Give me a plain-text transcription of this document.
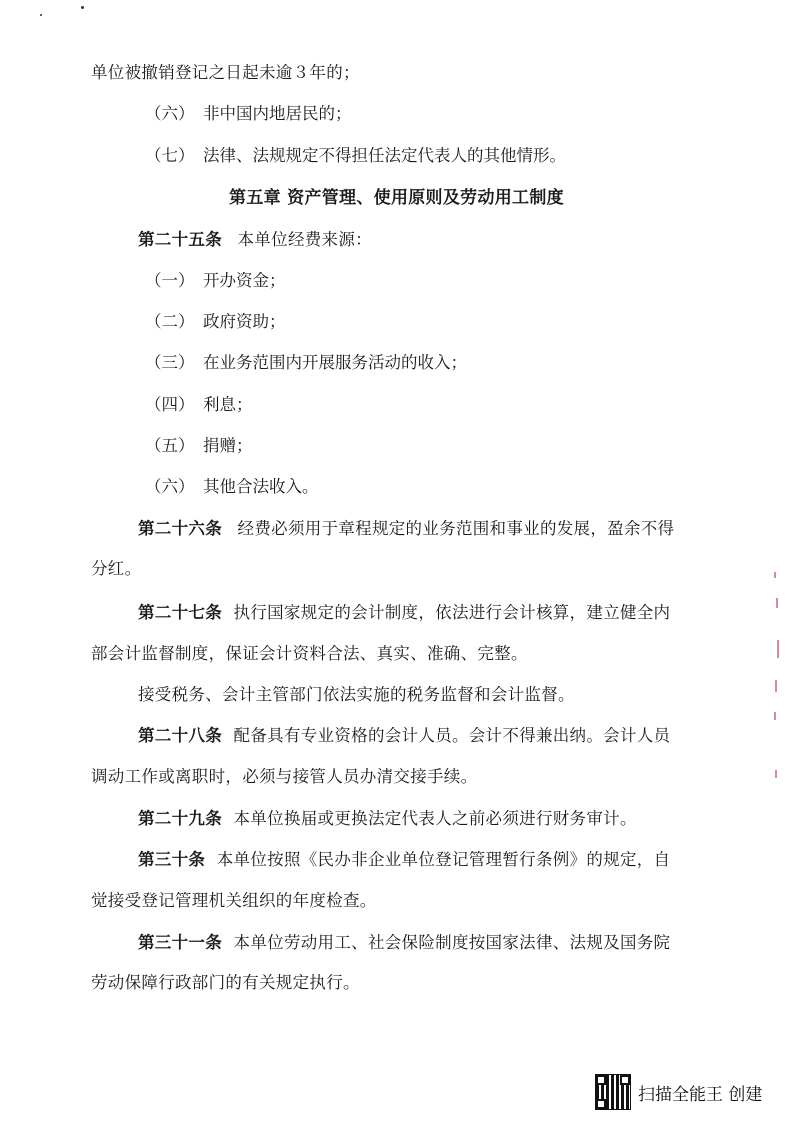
单位被撤销登记之日起未逾３年的；
（六） 非中国内地居民的；
（七） 法律、法规规定不得担任法定代表人的其他情形。
第五章 资产管理、使用原则及劳动用工制度
第二十五条 本单位经费来源：
（一） 开办资金；
（二） 政府资助；
（三） 在业务范围内开展服务活动的收入；
（四） 利息；
（五） 捐赠；
（六） 其他合法收入。
第二十六条 经费必须用于章程规定的业务范围和事业的发展，盈余不得
分红。
第二十七条 执行国家规定的会计制度，依法进行会计核算，建立健全内
部会计监督制度，保证会计资料合法、真实、准确、完整。
接受税务、会计主管部门依法实施的税务监督和会计监督。
第二十八条 配备具有专业资格的会计人员。会计不得兼出纳。会计人员
调动工作或离职时，必须与接管人员办清交接手续。
第二十九条 本单位换届或更换法定代表人之前必须进行财务审计。
第三十条 本单位按照《民办非企业单位登记管理暂行条例》的规定，自
觉接受登记管理机关组织的年度检查。
第三十一条 本单位劳动用工、社会保险制度按国家法律、法规及国务院
劳动保障行政部门的有关规定执行。
扫描全能王 创建
